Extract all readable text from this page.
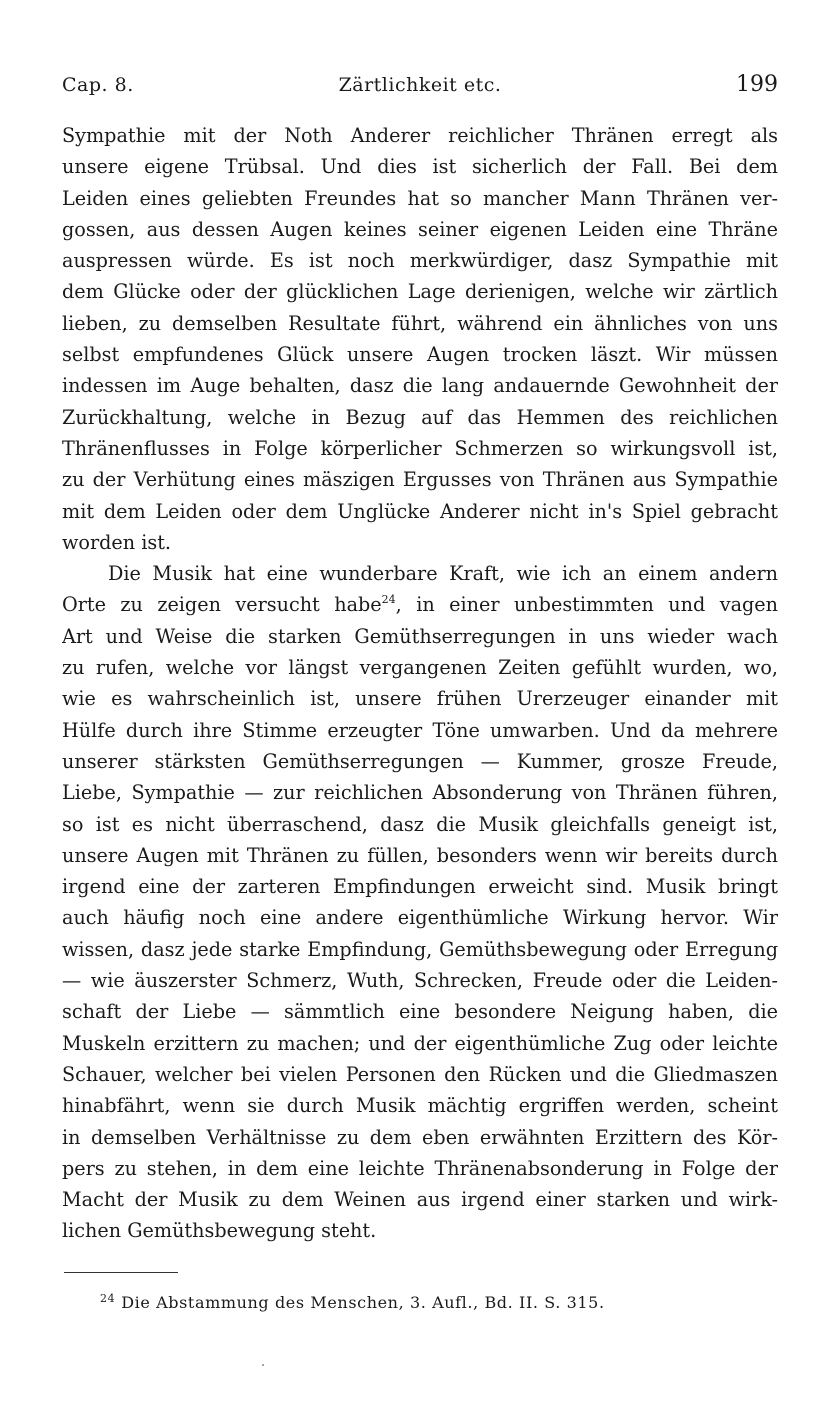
Cap. 8.	Zärtlichkeit etc.	199
Sympathie mit der Noth Anderer reichlicher Thränen erregt als
unsere eigene Trübsal. Und dies ist sicherlich der Fall. Bei dem
Leiden eines geliebten Freundes hat so mancher Mann Thränen ver-
gossen, aus dessen Augen keines seiner eigenen Leiden eine Thräne
auspressen würde. Es ist noch merkwürdiger, dasz Sympathie mit
dem Glücke oder der glücklichen Lage derienigen, welche wir zärtlich
lieben, zu demselben Resultate führt, während ein ähnliches von uns
selbst empfundenes Glück unsere Augen trocken läszt. Wir müssen
indessen im Auge behalten, dasz die lang andauernde Gewohnheit der
Zurückhaltung, welche in Bezug auf das Hemmen des reichlichen
Thränenflusses in Folge körperlicher Schmerzen so wirkungsvoll ist,
zu der Verhütung eines mäszigen Ergusses von Thränen aus Sympathie
mit dem Leiden oder dem Unglücke Anderer nicht in's Spiel gebracht
worden ist.
Die Musik hat eine wunderbare Kraft, wie ich an einem andern
Orte zu zeigen versucht habe$^{24}$, in einer unbestimmten und vagen
Art und Weise die starken Gemüthserregungen in uns wieder wach
zu rufen, welche vor längst vergangenen Zeiten gefühlt wurden, wo,
wie es wahrscheinlich ist, unsere frühen Urerzeuger einander mit
Hülfe durch ihre Stimme erzeugter Töne umwarben. Und da mehrere
unserer stärksten Gemüthserregungen — Kummer, grosze Freude,
Liebe, Sympathie — zur reichlichen Absonderung von Thränen führen,
so ist es nicht überraschend, dasz die Musik gleichfalls geneigt ist,
unsere Augen mit Thränen zu füllen, besonders wenn wir bereits durch
irgend eine der zarteren Empfindungen erweicht sind. Musik bringt
auch häufig noch eine andere eigenthümliche Wirkung hervor. Wir
wissen, dasz jede starke Empfindung, Gemüthsbewegung oder Erregung
— wie äuszerster Schmerz, Wuth, Schrecken, Freude oder die Leiden-
schaft der Liebe — sämmtlich eine besondere Neigung haben, die
Muskeln erzittern zu machen; und der eigenthümliche Zug oder leichte
Schauer, welcher bei vielen Personen den Rücken und die Gliedmaszen
hinabfährt, wenn sie durch Musik mächtig ergriffen werden, scheint
in demselben Verhältnisse zu dem eben erwähnten Erzittern des Kör-
pers zu stehen, in dem eine leichte Thränenabsonderung in Folge der
Macht der Musik zu dem Weinen aus irgend einer starken und wirk-
lichen Gemüthsbewegung steht.
$^{24}$ Die Abstammung des Menschen, 3. Aufl., Bd. II. S. 315.
